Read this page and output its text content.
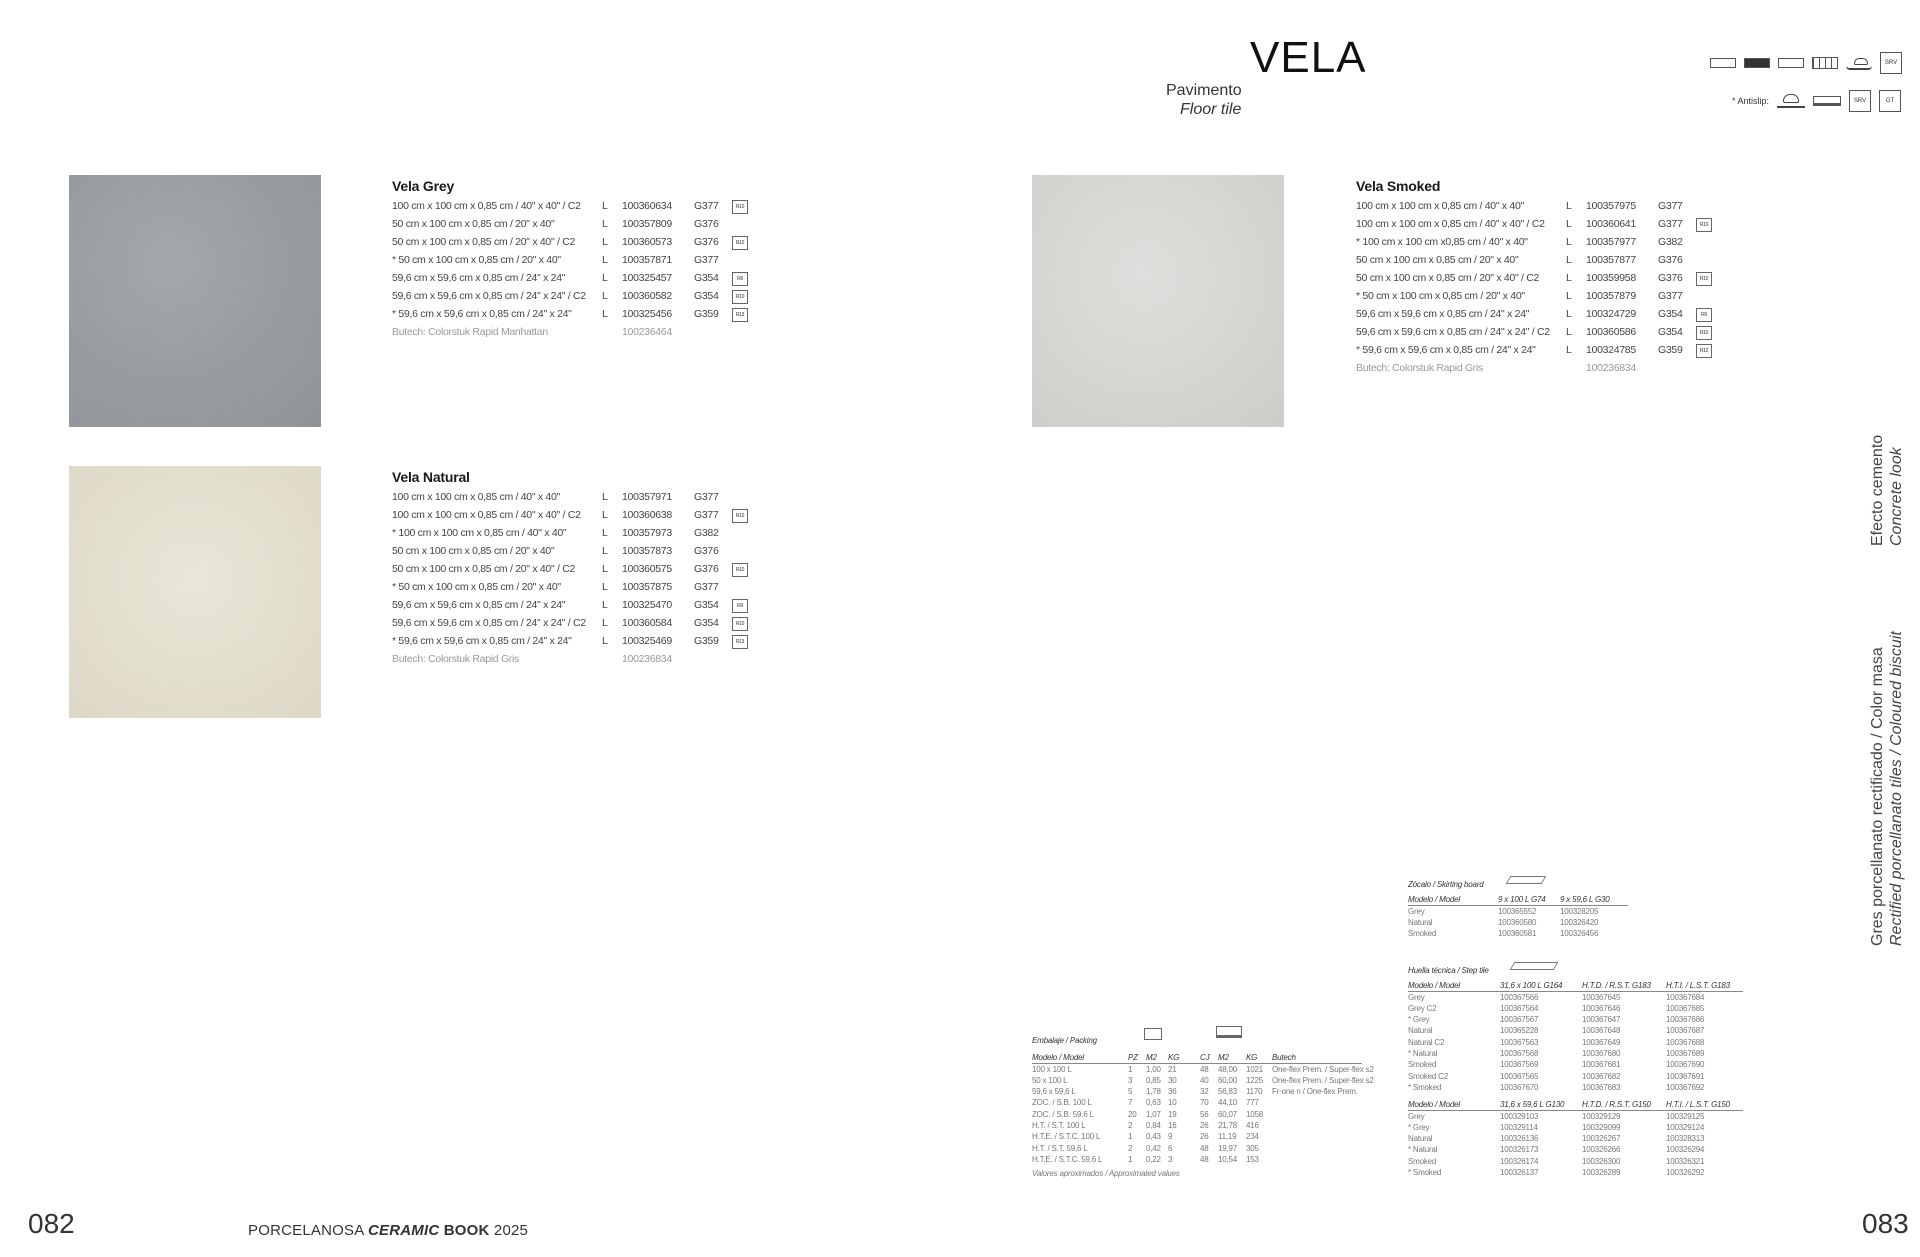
VELA
Pavimento
Floor tile
SRV
* Antislip:	SRV	GT
Vela Grey
100 cm x 100 cm x 0,85 cm / 40" x 40" / C2 L 100360634 G377	R10
50 cm x 100 cm x 0,85 cm / 20" x 40"	L 100357809 G376
50 cm x 100 cm x 0,85 cm / 20" x 40" / C2	L 100360573 G376	R10
* 50 cm x 100 cm x 0,85 cm / 20" x 40"	L 100357871 G377
59,6 cm x 59,6 cm x 0,85 cm / 24" x 24"	L 100325457 G354	R9
59,6 cm x 59,6 cm x 0,85 cm / 24" x 24" / C2 L 100360582 G354	R10
* 59,6 cm x 59,6 cm x 0,85 cm / 24" x 24"	L 100325456 G359	R13
Butech: Colorstuk Rapid Manhattan	100236464
Vela Natural
100 cm x 100 cm x 0,85 cm / 40" x 40"	L 100357971 G377
100 cm x 100 cm x 0,85 cm / 40" x 40" / C2 L 100360638 G377	R10
* 100 cm x 100 cm x 0,85 cm / 40" x 40"	L 100357973 G382
50 cm x 100 cm x 0,85 cm / 20" x 40"	L 100357873 G376
50 cm x 100 cm x 0,85 cm / 20" x 40" / C2	L 100360575 G376	R10
* 50 cm x 100 cm x 0,85 cm / 20" x 40"	L 100357875 G377
59,6 cm x 59,6 cm x 0,85 cm / 24" x 24"	L 100325470 G354	R9
59,6 cm x 59,6 cm x 0,85 cm / 24" x 24" / C2 L 100360584 G354	R10
* 59,6 cm x 59,6 cm x 0,85 cm / 24" x 24"	L 100325469 G359	R13
Butech: Colorstuk Rapid Gris	100236834
Vela Smoked
100 cm x 100 cm x 0,85 cm / 40" x 40"	L 100357975 G377
100 cm x 100 cm x 0,85 cm / 40" x 40" / C2 L 100360641 G377	R10
* 100 cm x 100 cm x0,85 cm / 40" x 40"	L 100357977 G382
50 cm x 100 cm x 0,85 cm / 20" x 40"	L 100357877 G376
50 cm x 100 cm x 0,85 cm / 20" x 40" / C2	L 100359958 G376	R10
* 50 cm x 100 cm x 0,85 cm / 20" x 40"	L 100357879 G377
59,6 cm x 59,6 cm x 0,85 cm / 24" x 24"	L 100324729 G354	R9
59,6 cm x 59,6 cm x 0,85 cm / 24" x 24" / C2 L 100360586 G354	R10
* 59,6 cm x 59,6 cm x 0,85 cm / 24" x 24"	L 100324785 G359	R12
Butech: Colorstuk Rapid Gris	100236834
Efecto cemento Concrete look
Gres porcellanato rectificado / Color masa Rectified porcellanato tiles / Coloured biscuit
Embalaje / Packing
Modelo / Model	PZ M2 KG	CJ M2 KG Butech
100 x 100 L	1 1,00 21	48 48,00 1021 One-flex Prem. / Super-flex s2
50 x 100 L	3 0,85 30	40 60,00 1225 One-flex Prem. / Super-flex s2
59,6 x 59,6 L	5 1,78 36	32 56,83 1170 Fr-one n / One-flex Prem.
ZOC. / S.B. 100 L	7 0,63 10	70 44,10 777
ZOC. / S.B. 59,6 L	20 1,07 19	56 60,07 1058
H.T. / S.T. 100 L	2 0,84 16	26 21,78 416
H.T.E. / S.T.C. 100 L	1 0,43 9	26 11,19 234
H.T. / S.T. 59,6 L	2 0,42 6	48 19,97 305
H.T.E. / S.T.C. 59,6 L	1 0,22 3	48 10,54 153
Valores aproximados / Approximated values
Zócalo / Skirting board
Modelo / Model	9 x 100 L G74 9 x 59,6 L G30
Grey	100365552	100328205
Natural	100360580	100326420
Smoked	100360581	100326456
Huella técnica / Step tile
Modelo / Model	31,6 x 100 L G164 H.T.D. / R.S.T. G183 H.T.I. / L.S.T. G183
Grey	100367566	100367645	100367684
Grey C2	100367564	100367646	100367685
* Grey	100367567	100367647	100367686
Natural	100365228	100367648	100367687
Natural C2	100367563	100367649	100367688
* Natural	100367568	100367680	100367689
Smoked	100367569	100367681	100367690
Smoked C2	100367565	100367682	100367691
* Smoked	100367670	100367683	100367692
Modelo / Model	31,6 x 59,6 L G130 H.T.D. / R.S.T. G150 H.T.I. / L.S.T. G150
Grey	100329103	100329129	100329125
* Grey	100329114	100329099	100329124
Natural	100326136	100326267	100328313
* Natural	100326173	100326266	100326294
Smoked	100326174	100326300	100326321
* Smoked	100326137	100326289	100326292
082	083
PORCELANOSA CERAMIC BOOK 2025
